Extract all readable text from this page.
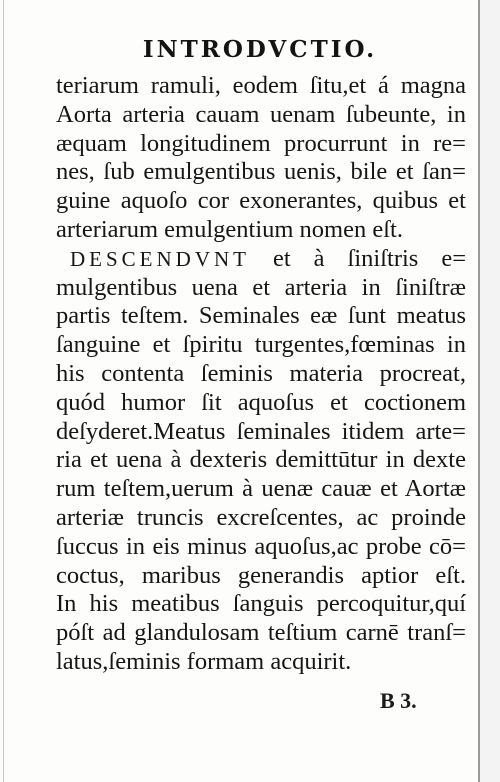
INTRODVCTIO.
teriarum ramuli, eodem ſitu,et á magna
Aorta arteria cauam uenam ſubeunte, in
æquam longitudinem procurrunt in re=
nes, ſub emulgentibus uenis, bile et ſan=
guine aquoſo cor exonerantes, quibus et
arteriarum emulgentium nomen eſt.
DESCENDVNT et à ſiniſtris e=
mulgentibus uena et arteria in ſiniſtræ
partis teſtem. Seminales eæ ſunt meatus
ſanguine et ſpiritu turgentes,fœminas in
his contenta ſeminis materia procreat,
quód humor ſit aquoſus et coctionem
deſyderet.Meatus ſeminales itidem arte=
ria et uena à dexteris demittūtur in dexte
rum teſtem,uerum à uenæ cauæ et Aortæ
arteriæ truncis excreſcentes, ac proinde
ſuccus in eis minus aquoſus,ac probe cō=
coctus, maribus generandis aptior eſt.
In his meatibus ſanguis percoquitur,quí
póſt ad glandulosam teſtium carnē tranſ=
latus,ſeminis formam acquirit.
B 3.
